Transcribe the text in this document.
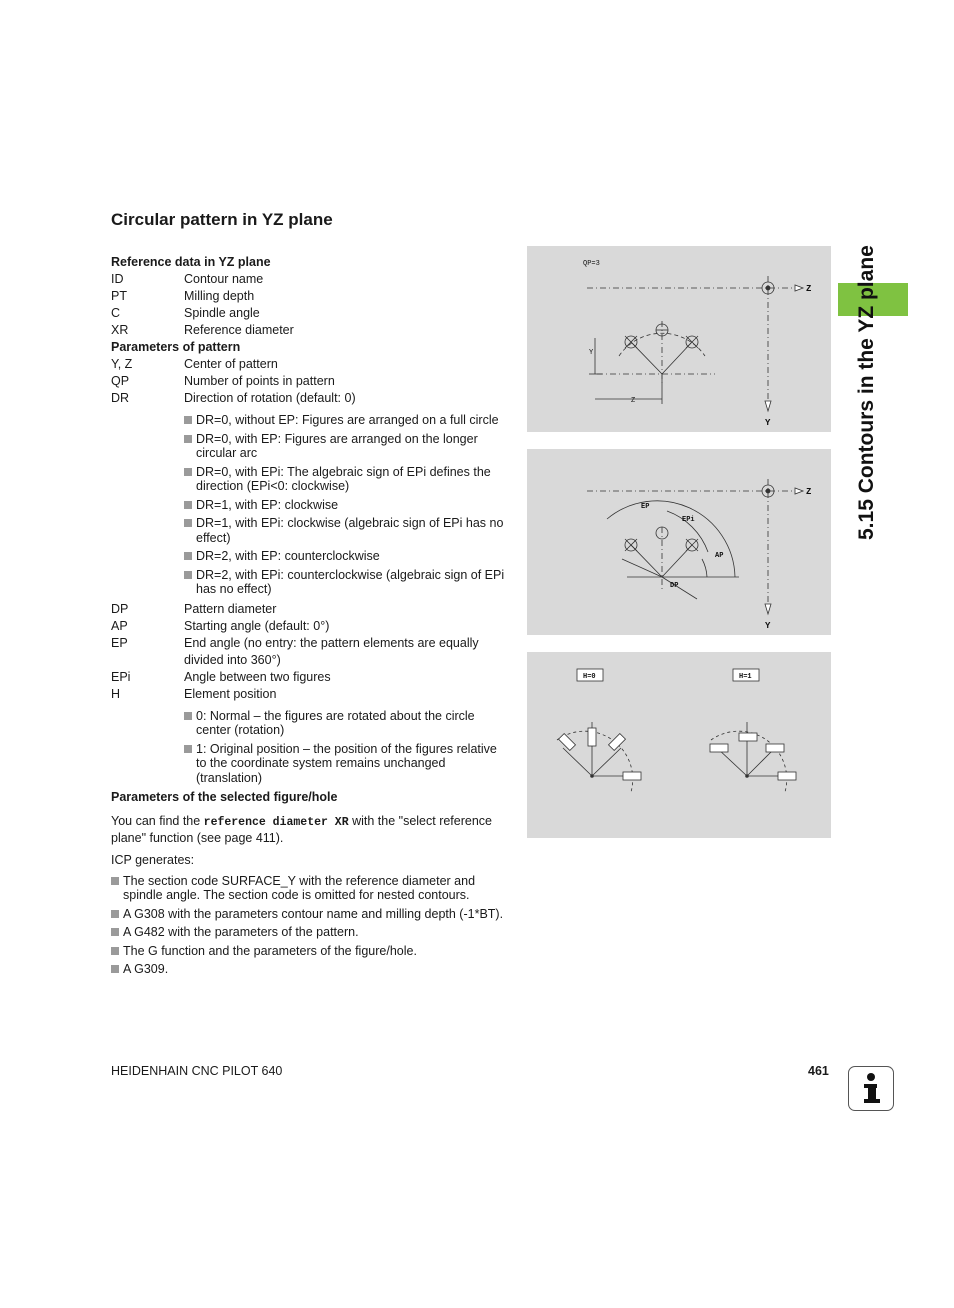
Circular pattern in YZ plane
Reference data in YZ plane
ID	Contour name
PT	Milling depth
C	Spindle angle
XR	Reference diameter
Parameters of pattern
Y, Z	Center of pattern
QP	Number of points in pattern
DR	Direction of rotation (default: 0)
DR=0, without EP: Figures are arranged on a full circle
DR=0, with EP: Figures are arranged on the longer circular arc
DR=0, with EPi: The algebraic sign of EPi defines the direction (EPi<0: clockwise)
DR=1, with EP: clockwise
DR=1, with EPi: clockwise (algebraic sign of EPi has no effect)
DR=2, with EP: counterclockwise
DR=2, with EPi: counterclockwise (algebraic sign of EPi has no effect)
DP	Pattern diameter
AP	Starting angle (default: 0°)
EP	End angle (no entry: the pattern elements are equally divided into 360°)
EPi	Angle between two figures
H	Element position
0: Normal – the figures are rotated about the circle center (rotation)
1: Original position – the position of the figures relative to the coordinate system remains unchanged (translation)
Parameters of the selected figure/hole
You can find the reference diameter XR with the "select reference plane" function (see page 411).
ICP generates:
The section code SURFACE_Y with the reference diameter and spindle angle. The section code is omitted for nested contours.
A G308 with the parameters contour name and milling depth (-1*BT).
A G482 with the parameters of the pattern.
The G function and the parameters of the figure/hole.
A G309.
QP=3
Z
Y
Y
Z
EP
EPi
AP
DP
Z
Y
H=0	H=1
5.15 Contours in the YZ plane
HEIDENHAIN CNC PILOT 640	461
